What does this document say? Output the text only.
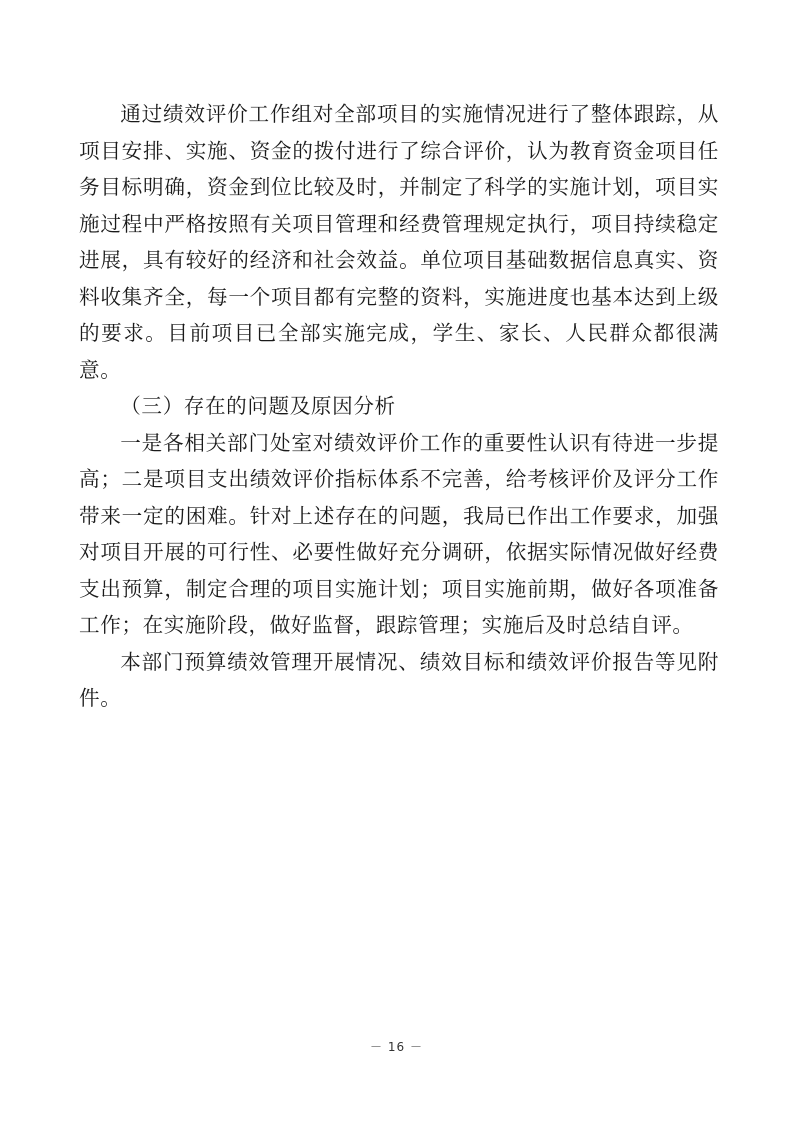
通过绩效评价工作组对全部项目的实施情况进行了整体跟踪，从项目安排、实施、资金的拨付进行了综合评价，认为教育资金项目任务目标明确，资金到位比较及时，并制定了科学的实施计划，项目实施过程中严格按照有关项目管理和经费管理规定执行，项目持续稳定进展，具有较好的经济和社会效益。单位项目基础数据信息真实、资料收集齐全，每一个项目都有完整的资料，实施进度也基本达到上级的要求。目前项目已全部实施完成，学生、家长、人民群众都很满意。

（三）存在的问题及原因分析

一是各相关部门处室对绩效评价工作的重要性认识有待进一步提高；二是项目支出绩效评价指标体系不完善，给考核评价及评分工作带来一定的困难。针对上述存在的问题，我局已作出工作要求，加强对项目开展的可行性、必要性做好充分调研，依据实际情况做好经费支出预算，制定合理的项目实施计划；项目实施前期，做好各项准备工作；在实施阶段，做好监督，跟踪管理；实施后及时总结自评。

本部门预算绩效管理开展情况、绩效目标和绩效评价报告等见附件。

－ 16 －
